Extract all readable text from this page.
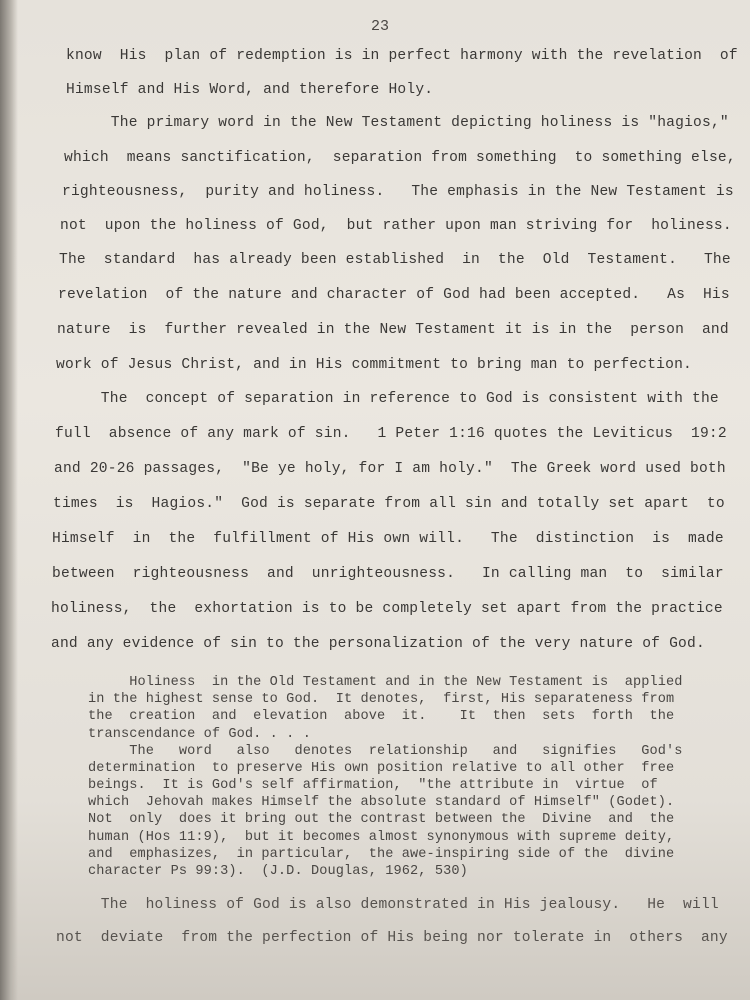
23
know  His  plan of redemption is in perfect harmony with the revelation  of
Himself and His Word, and therefore Holy.
The primary word in the New Testament depicting holiness is "hagios,"
which  means sanctification,  separation from something  to something else,
righteousness,  purity and holiness.   The emphasis in the New Testament is
not  upon the holiness of God,  but rather upon man striving for  holiness.
The  standard  has already been established  in  the  Old  Testament.   The
revelation  of the nature and character of God had been accepted.   As  His
nature  is  further revealed in the New Testament it is in the  person  and
work of Jesus Christ, and in His commitment to bring man to perfection.
The  concept of separation in reference to God is consistent with the
full  absence of any mark of sin.   1 Peter 1:16 quotes the Leviticus  19:2
and 20-26 passages,  "Be ye holy, for I am holy."  The Greek word used both
times  is  Hagios."  God is separate from all sin and totally set apart  to
Himself  in  the  fulfillment of His own will.   The  distinction  is  made
between  righteousness  and  unrighteousness.   In calling man  to  similar
holiness,  the  exhortation is to be completely set apart from the practice
and any evidence of sin to the personalization of the very nature of God.
Holiness  in the Old Testament and in the New Testament is  applied
in the highest sense to God.  It denotes,  first, His separateness from
the  creation  and  elevation  above  it.    It  then  sets  forth  the
transcendance of God. . . .
The   word   also   denotes  relationship   and   signifies   God's
determination  to preserve His own position relative to all other  free
beings.  It is God's self affirmation,  "the attribute in  virtue  of
which  Jehovah makes Himself the absolute standard of Himself" (Godet).
Not  only  does it bring out the contrast between the  Divine  and  the
human (Hos 11:9),  but it becomes almost synonymous with supreme deity,
and  emphasizes,  in particular,  the awe-inspiring side of the  divine
character Ps 99:3).  (J.D. Douglas, 1962, 530)
The  holiness of God is also demonstrated in His jealousy.   He  will
not  deviate  from the perfection of His being nor tolerate in  others  any
